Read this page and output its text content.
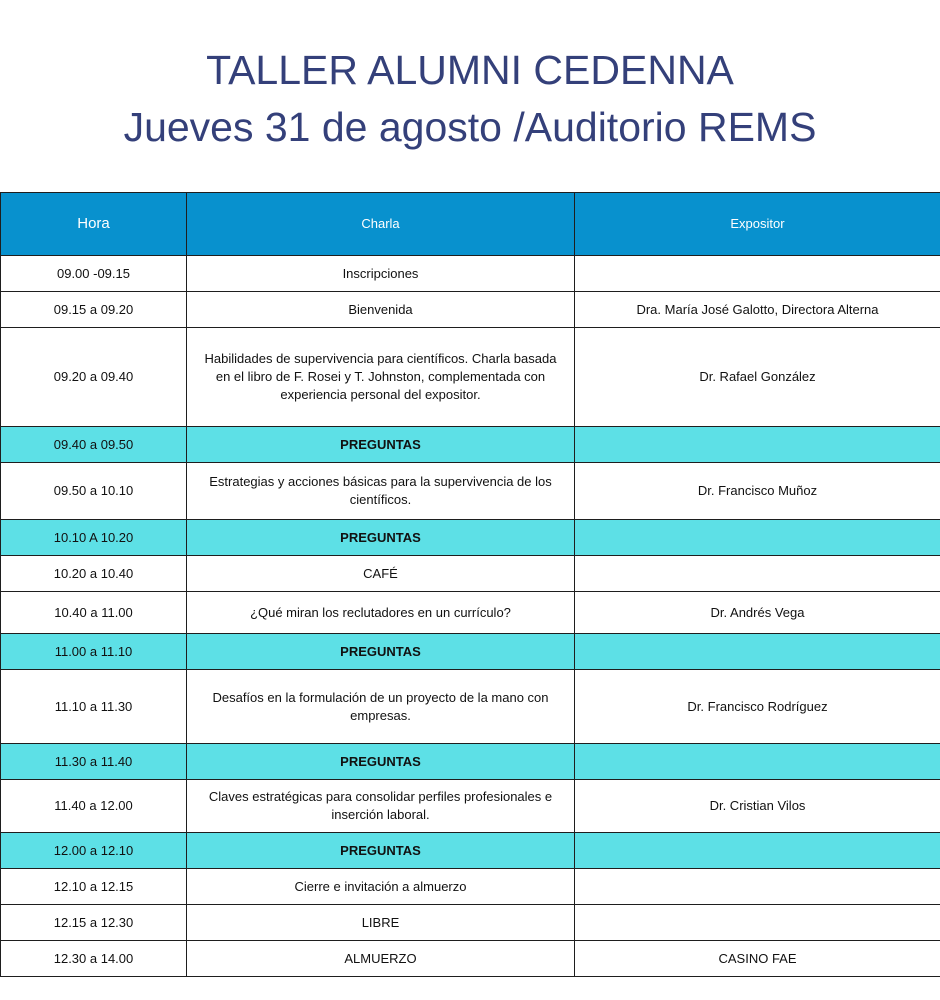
TALLER ALUMNI CEDENNA
Jueves 31 de agosto /Auditorio REMS
Hora	Charla	Expositor
09.00 -09.15	Inscripciones	
09.15 a 09.20	Bienvenida	Dra. María José Galotto, Directora Alterna
09.20 a 09.40	Habilidades de supervivencia para científicos. Charla basada en el libro de F. Rosei y T. Johnston, complementada con experiencia personal del expositor.	Dr. Rafael González
09.40 a 09.50	PREGUNTAS	
09.50 a 10.10	Estrategias y acciones básicas para la supervivencia de los científicos.	Dr. Francisco Muñoz
10.10 A 10.20	PREGUNTAS	
10.20 a 10.40	CAFÉ	
10.40 a 11.00	¿Qué miran los reclutadores en un currículo?	Dr. Andrés Vega
11.00 a 11.10	PREGUNTAS	
11.10 a 11.30	Desafíos en la formulación de un proyecto de la mano con empresas.	Dr. Francisco Rodríguez
11.30 a 11.40	PREGUNTAS	
11.40 a 12.00	Claves estratégicas para consolidar perfiles profesionales e inserción laboral.	Dr. Cristian Vilos
12.00 a 12.10	PREGUNTAS	
12.10 a 12.15	Cierre e invitación a almuerzo	
12.15 a 12.30	LIBRE	
12.30 a 14.00	ALMUERZO	CASINO FAE
